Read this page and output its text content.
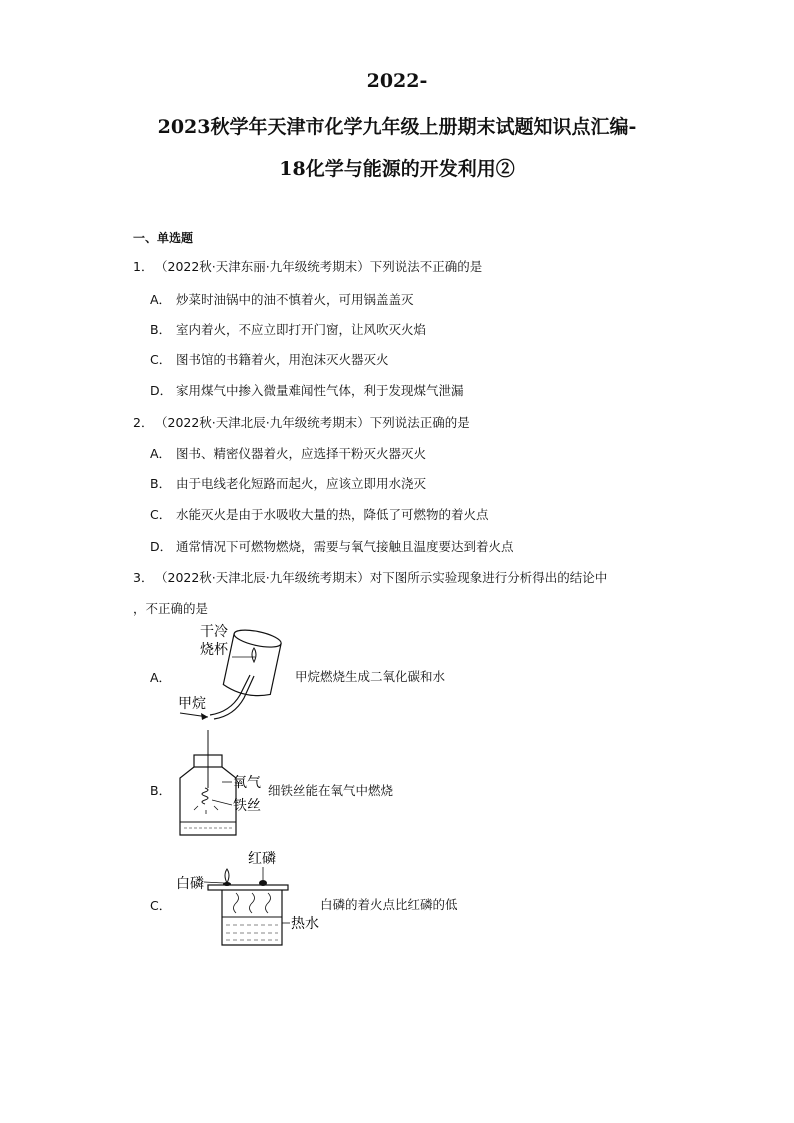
2022-
2023秋学年天津市化学九年级上册期末试题知识点汇编-
18化学与能源的开发利用②
一、单选题
1． （2022秋·天津东丽·九年级统考期末）下列说法不正确的是
A． 炒菜时油锅中的油不慎着火，可用锅盖盖灭
B． 室内着火，不应立即打开门窗，让风吹灭火焰
C． 图书馆的书籍着火，用泡沫灭火器灭火
D． 家用煤气中掺入微量难闻性气体，利于发现煤气泄漏
2． （2022秋·天津北辰·九年级统考期末）下列说法正确的是
A． 图书、精密仪器着火，应选择干粉灭火器灭火
B． 由于电线老化短路而起火，应该立即用水浇灭
C． 水能灭火是由于水吸收大量的热，降低了可燃物的着火点
D． 通常情况下可燃物燃烧，需要与氧气接触且温度要达到着火点
3． （2022秋·天津北辰·九年级统考期末）对下图所示实验现象进行分析得出的结论中
，不正确的是
A．
干冷
烧杯
甲烷
甲烷燃烧生成二氧化碳和水
B．	氧气
铁丝
细铁丝能在氧气中燃烧
C．
红磷
白磷
热水
白磷的着火点比红磷的低
